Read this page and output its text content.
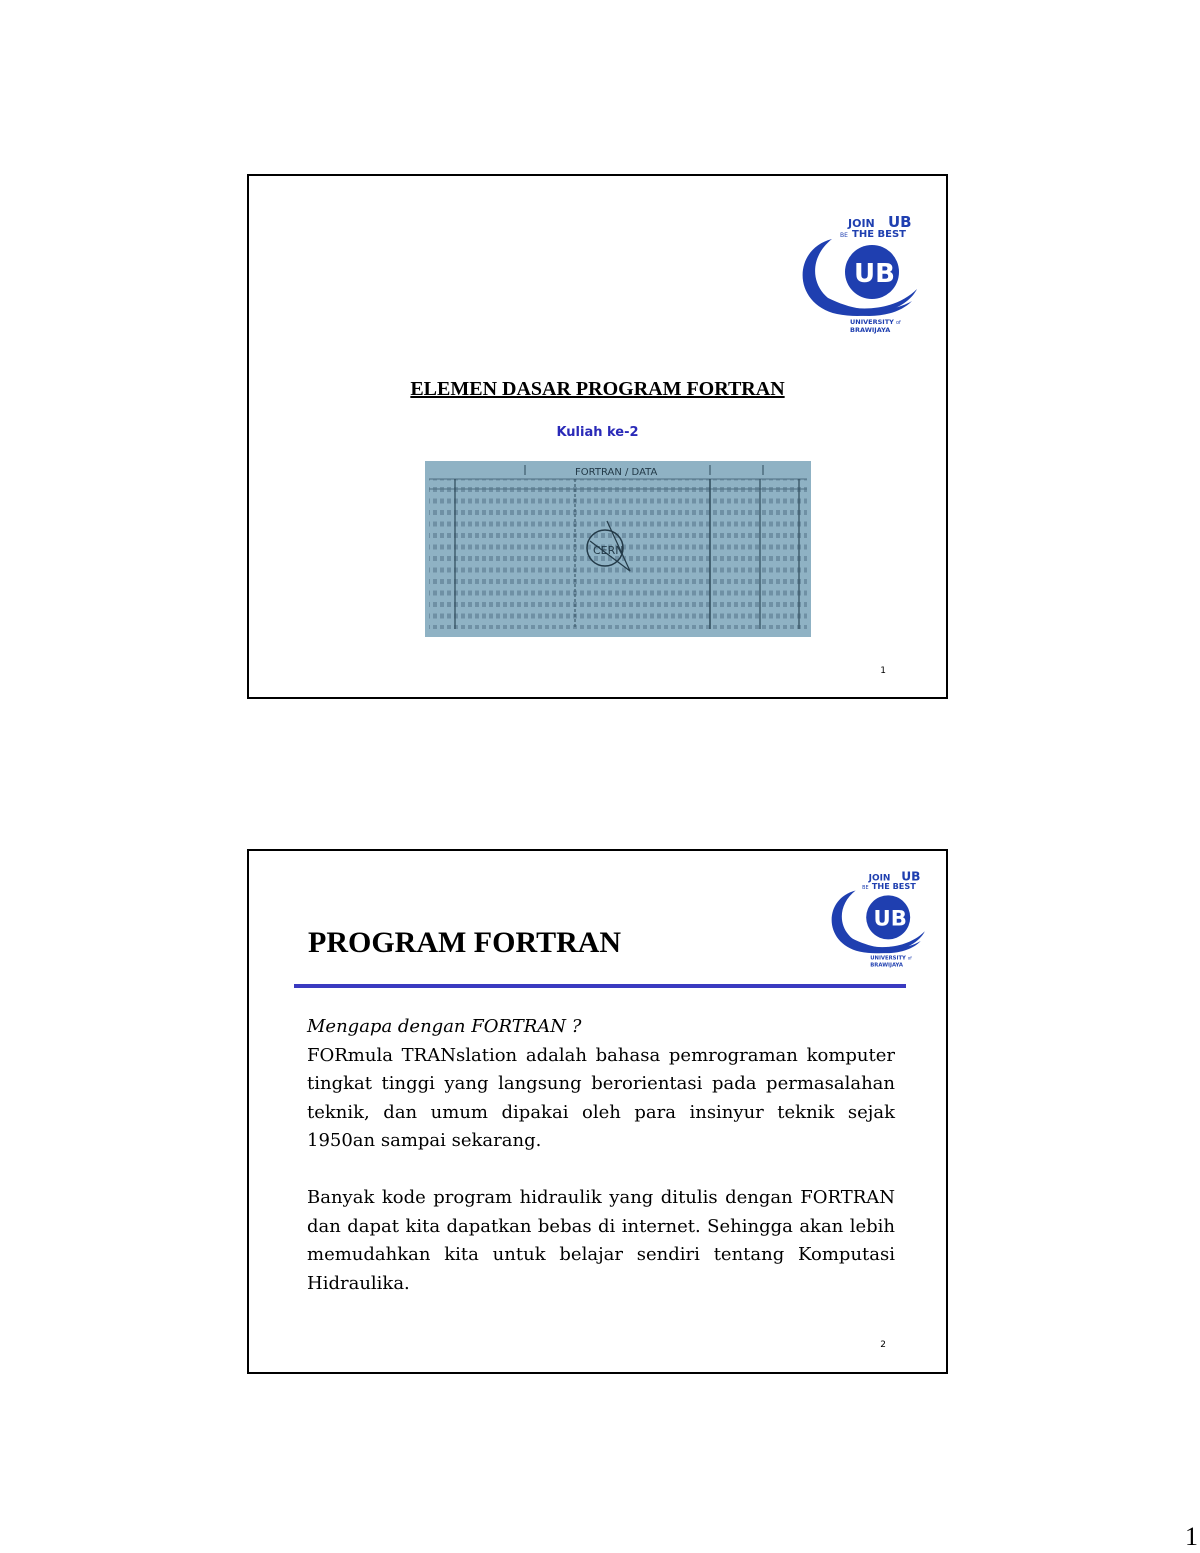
JOIN UB
BE THE BEST
UB
UNIVERSITY of
BRAWIJAYA
ELEMEN DASAR PROGRAM FORTRAN
Kuliah ke-2
FORTRAN / DATA
CERN
1
JOIN UB
BE THE BEST
UB
UNIVERSITY of
BRAWIJAYA
PROGRAM FORTRAN
Mengapa dengan FORTRAN ?
FORmula TRANslation adalah bahasa pemrograman komputer tingkat tinggi yang langsung berorientasi pada permasalahan teknik, dan umum dipakai oleh para insinyur teknik sejak 1950an sampai sekarang.
Banyak kode program hidraulik yang ditulis dengan FORTRAN dan dapat kita dapatkan bebas di internet. Sehingga akan lebih memudahkan kita untuk belajar sendiri tentang Komputasi Hidraulika.
2
1
